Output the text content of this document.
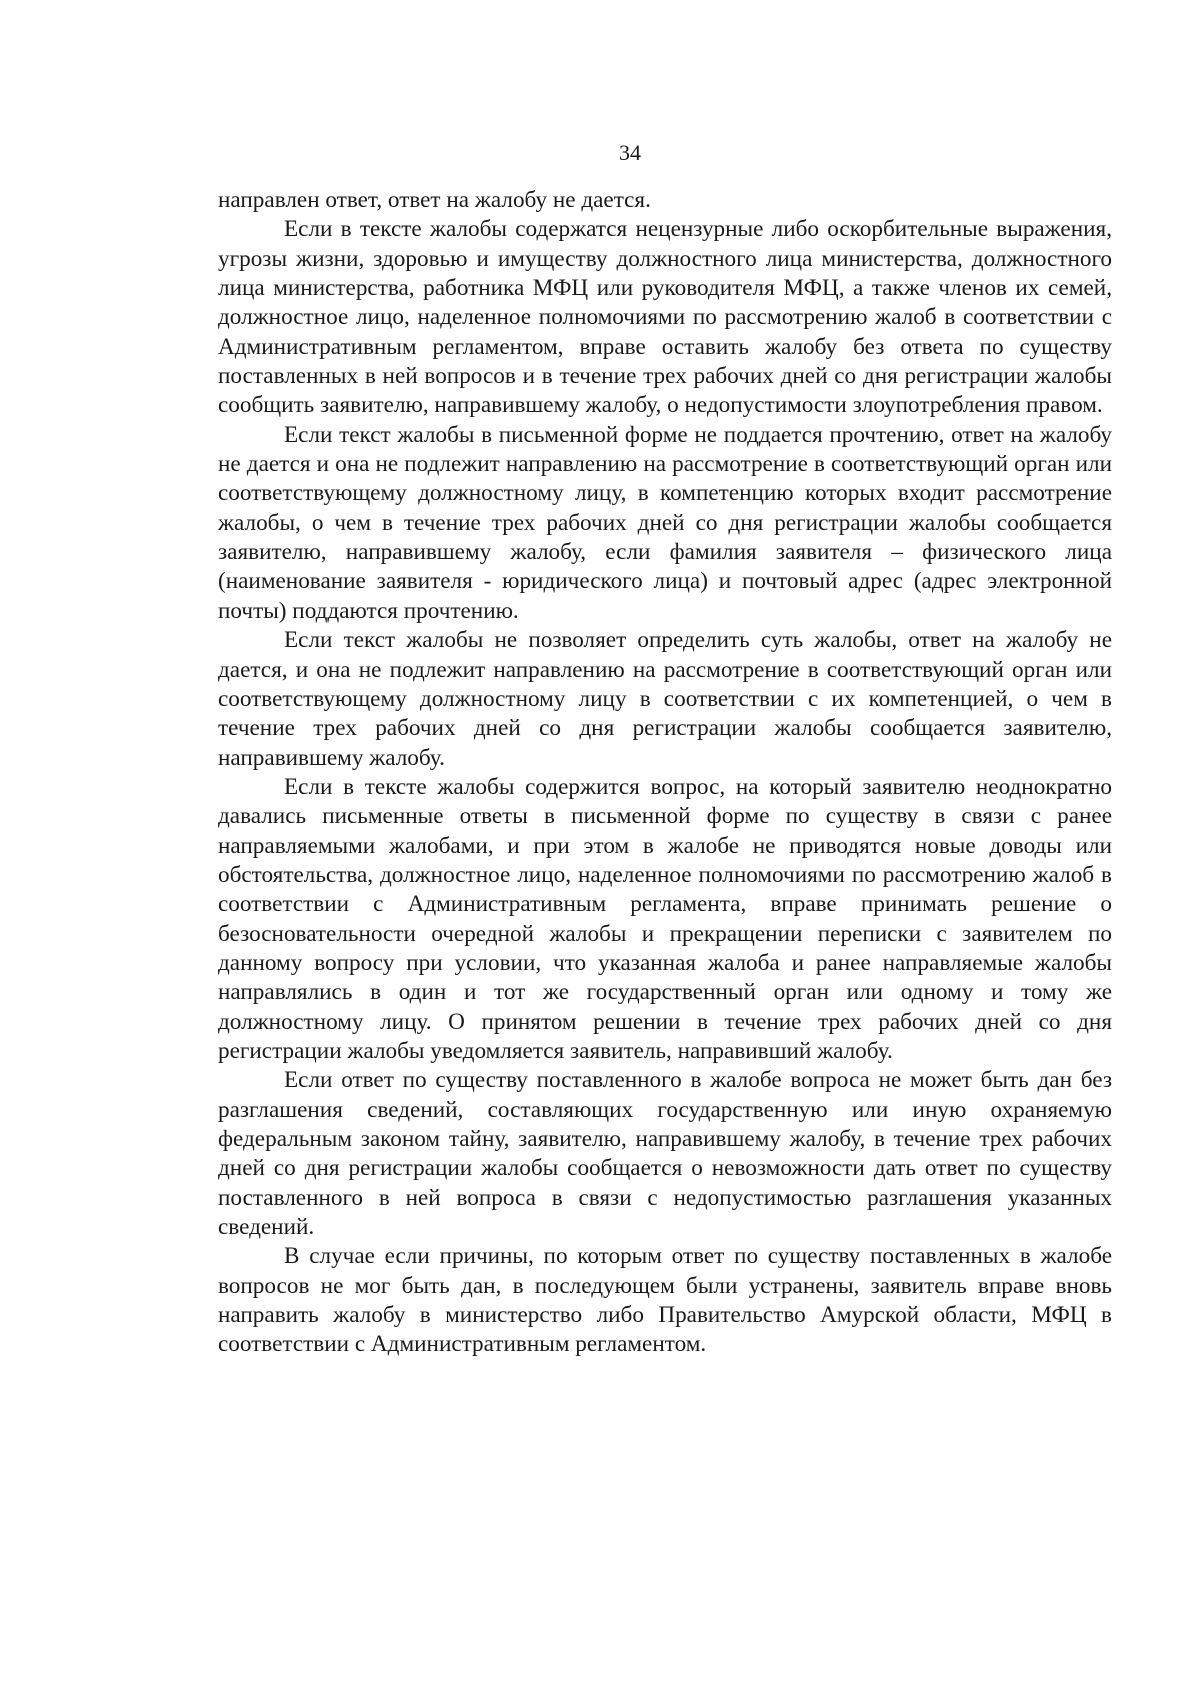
34

направлен ответ, ответ на жалобу не дается.

Если в тексте жалобы содержатся нецензурные либо оскорбительные выражения, угрозы жизни, здоровью и имуществу должностного лица министерства, должностного лица министерства, работника МФЦ или руководителя МФЦ, а также членов их семей, должностное лицо, наделенное полномочиями по рассмотрению жалоб в соответствии с Административным регламентом, вправе оставить жалобу без ответа по существу поставленных в ней вопросов и в течение трех рабочих дней со дня регистрации жалобы сообщить заявителю, направившему жалобу, о недопустимости злоупотребления правом.

Если текст жалобы в письменной форме не поддается прочтению, ответ на жалобу не дается и она не подлежит направлению на рассмотрение в соответствующий орган или соответствующему должностному лицу, в компетенцию которых входит рассмотрение жалобы, о чем в течение трех рабочих дней со дня регистрации жалобы сообщается заявителю, направившему жалобу, если фамилия заявителя – физического лица (наименование заявителя - юридического лица) и почтовый адрес (адрес электронной почты) поддаются прочтению.

Если текст жалобы не позволяет определить суть жалобы, ответ на жалобу не дается, и она не подлежит направлению на рассмотрение в соответствующий орган или соответствующему должностному лицу в соответствии с их компетенцией, о чем в течение трех рабочих дней со дня регистрации жалобы сообщается заявителю, направившему жалобу.

Если в тексте жалобы содержится вопрос, на который заявителю неоднократно давались письменные ответы в письменной форме по существу в связи с ранее направляемыми жалобами, и при этом в жалобе не приводятся новые доводы или обстоятельства, должностное лицо, наделенное полномочиями по рассмотрению жалоб в соответствии с Административным регламента, вправе принимать решение о безосновательности очередной жалобы и прекращении переписки с заявителем по данному вопросу при условии, что указанная жалоба и ранее направляемые жалобы направлялись в один и тот же государственный орган или одному и тому же должностному лицу. О принятом решении в течение трех рабочих дней со дня регистрации жалобы уведомляется заявитель, направивший жалобу.

Если ответ по существу поставленного в жалобе вопроса не может быть дан без разглашения сведений, составляющих государственную или иную охраняемую федеральным законом тайну, заявителю, направившему жалобу, в течение трех рабочих дней со дня регистрации жалобы сообщается о невозможности дать ответ по существу поставленного в ней вопроса в связи с недопустимостью разглашения указанных сведений.

В случае если причины, по которым ответ по существу поставленных в жалобе вопросов не мог быть дан, в последующем были устранены, заявитель вправе вновь направить жалобу в министерство либо Правительство Амурской области, МФЦ в соответствии с Административным регламентом.
